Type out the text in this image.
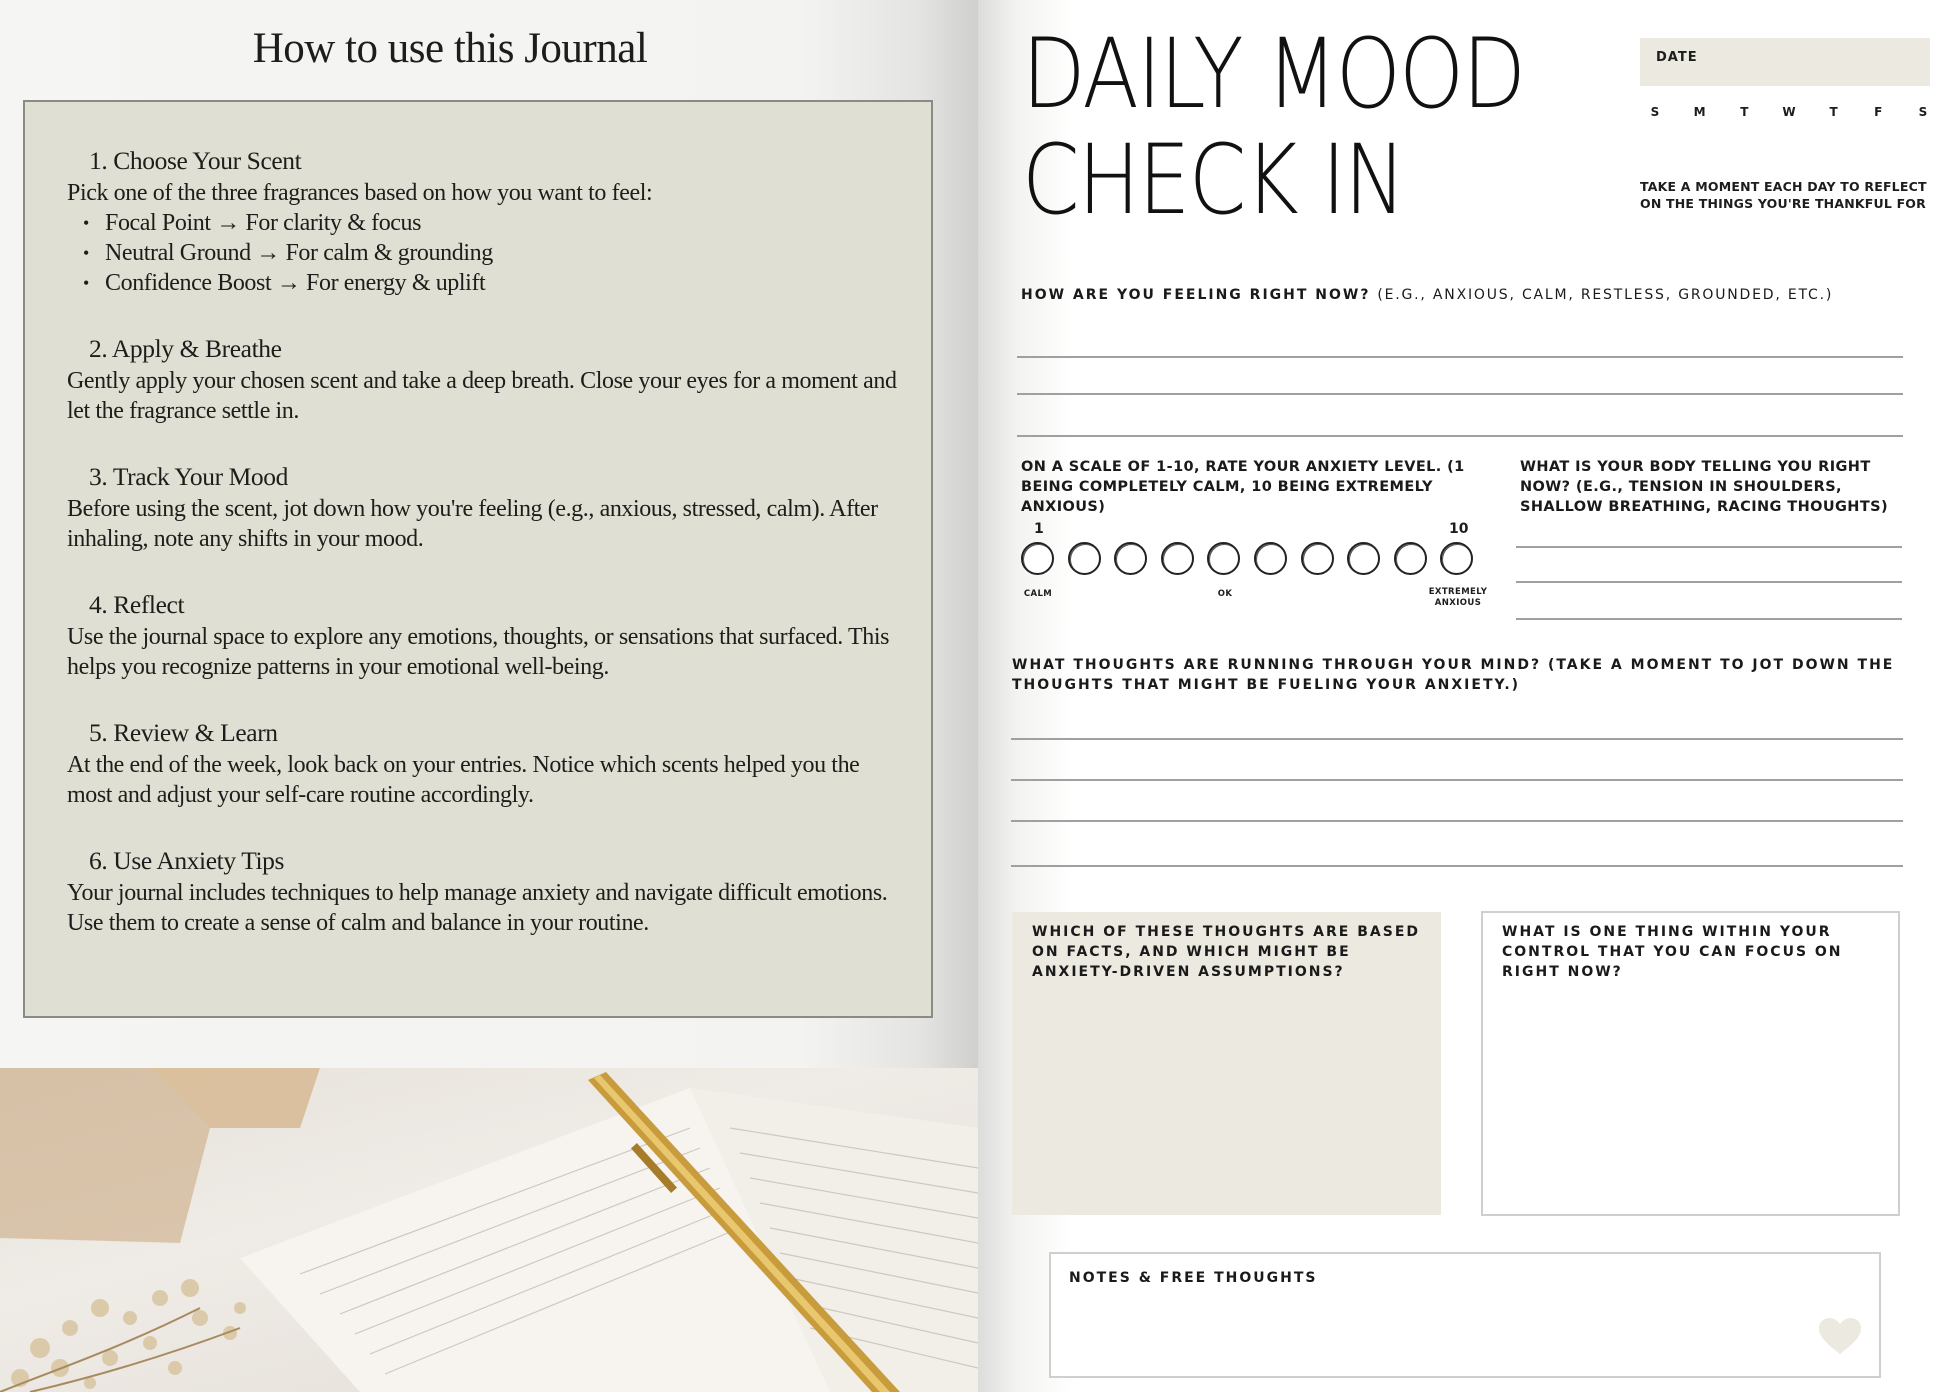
How to use this Journal
1. Choose Your Scent
Pick one of the three fragrances based on how you want to feel:
• Focal Point → For clarity & focus
• Neutral Ground → For calm & grounding
• Confidence Boost → For energy & uplift
2. Apply & Breathe
Gently apply your chosen scent and take a deep breath. Close your eyes for a moment and let the fragrance settle in.
3. Track Your Mood
Before using the scent, jot down how you're feeling (e.g., anxious, stressed, calm). After inhaling, note any shifts in your mood.
4. Reflect
Use the journal space to explore any emotions, thoughts, or sensations that surfaced. This helps you recognize patterns in your emotional well-being.
5. Review & Learn
At the end of the week, look back on your entries. Notice which scents helped you the most and adjust your self-care routine accordingly.
6. Use Anxiety Tips
Your journal includes techniques to help manage anxiety and navigate difficult emotions. Use them to create a sense of calm and balance in your routine.
DAILY MOOD
CHECK IN
DATE
S	M	T	W	T	F	S
TAKE A MOMENT EACH DAY TO REFLECT ON THE THINGS YOU'RE THANKFUL FOR
HOW ARE YOU FEELING RIGHT NOW? (E.G., ANXIOUS, CALM, RESTLESS, GROUNDED, ETC.)
ON A SCALE OF 1-10, RATE YOUR ANXIETY LEVEL. (1 BEING COMPLETELY CALM, 10 BEING EXTREMELY ANXIOUS)
1	10
CALM	OK	EXTREMELY ANXIOUS
WHAT IS YOUR BODY TELLING YOU RIGHT NOW? (E.G., TENSION IN SHOULDERS, SHALLOW BREATHING, RACING THOUGHTS)
WHAT THOUGHTS ARE RUNNING THROUGH YOUR MIND? (TAKE A MOMENT TO JOT DOWN THE THOUGHTS THAT MIGHT BE FUELING YOUR ANXIETY.)
WHICH OF THESE THOUGHTS ARE BASED ON FACTS, AND WHICH MIGHT BE ANXIETY-DRIVEN ASSUMPTIONS?
WHAT IS ONE THING WITHIN YOUR CONTROL THAT YOU CAN FOCUS ON RIGHT NOW?
NOTES & FREE THOUGHTS
